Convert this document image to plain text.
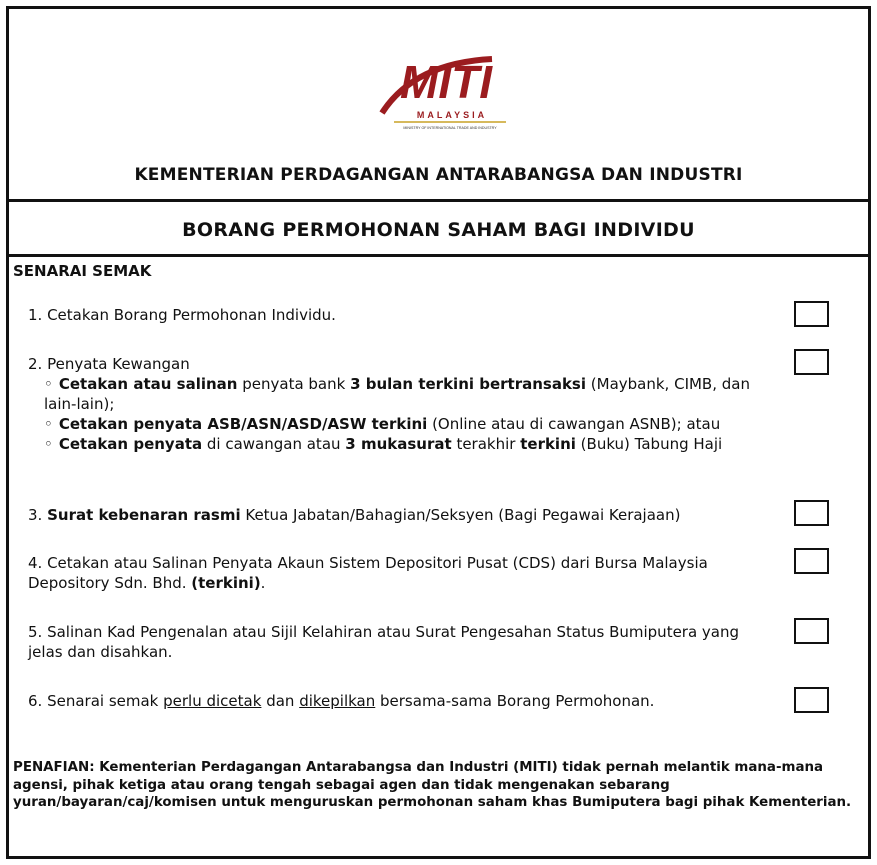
MITI
MALAYSIA
MINISTRY OF INTERNATIONAL TRADE AND INDUSTRY
KEMENTERIAN PERDAGANGAN ANTARABANGSA DAN INDUSTRI
BORANG PERMOHONAN SAHAM BAGI INDIVIDU
SENARAI SEMAK
1. Cetakan Borang Permohonan Individu.
2. Penyata Kewangan
◦ Cetakan atau salinan penyata bank 3 bulan terkini bertransaksi (Maybank, CIMB, dan lain-lain);
◦ Cetakan penyata ASB/ASN/ASD/ASW terkini (Online atau di cawangan ASNB); atau
◦ Cetakan penyata di cawangan atau 3 mukasurat terakhir terkini (Buku) Tabung Haji
3. Surat kebenaran rasmi Ketua Jabatan/Bahagian/Seksyen (Bagi Pegawai Kerajaan)
4. Cetakan atau Salinan Penyata Akaun Sistem Depositori Pusat (CDS) dari Bursa Malaysia Depository Sdn. Bhd. (terkini).
5. Salinan Kad Pengenalan atau Sijil Kelahiran atau Surat Pengesahan Status Bumiputera yang jelas dan disahkan.
6. Senarai semak perlu dicetak dan dikepilkan bersama-sama Borang Permohonan.
PENAFIAN: Kementerian Perdagangan Antarabangsa dan Industri (MITI) tidak pernah melantik mana-mana agensi, pihak ketiga atau orang tengah sebagai agen dan tidak mengenakan sebarang yuran/bayaran/caj/komisen untuk menguruskan permohonan saham khas Bumiputera bagi pihak Kementerian.
